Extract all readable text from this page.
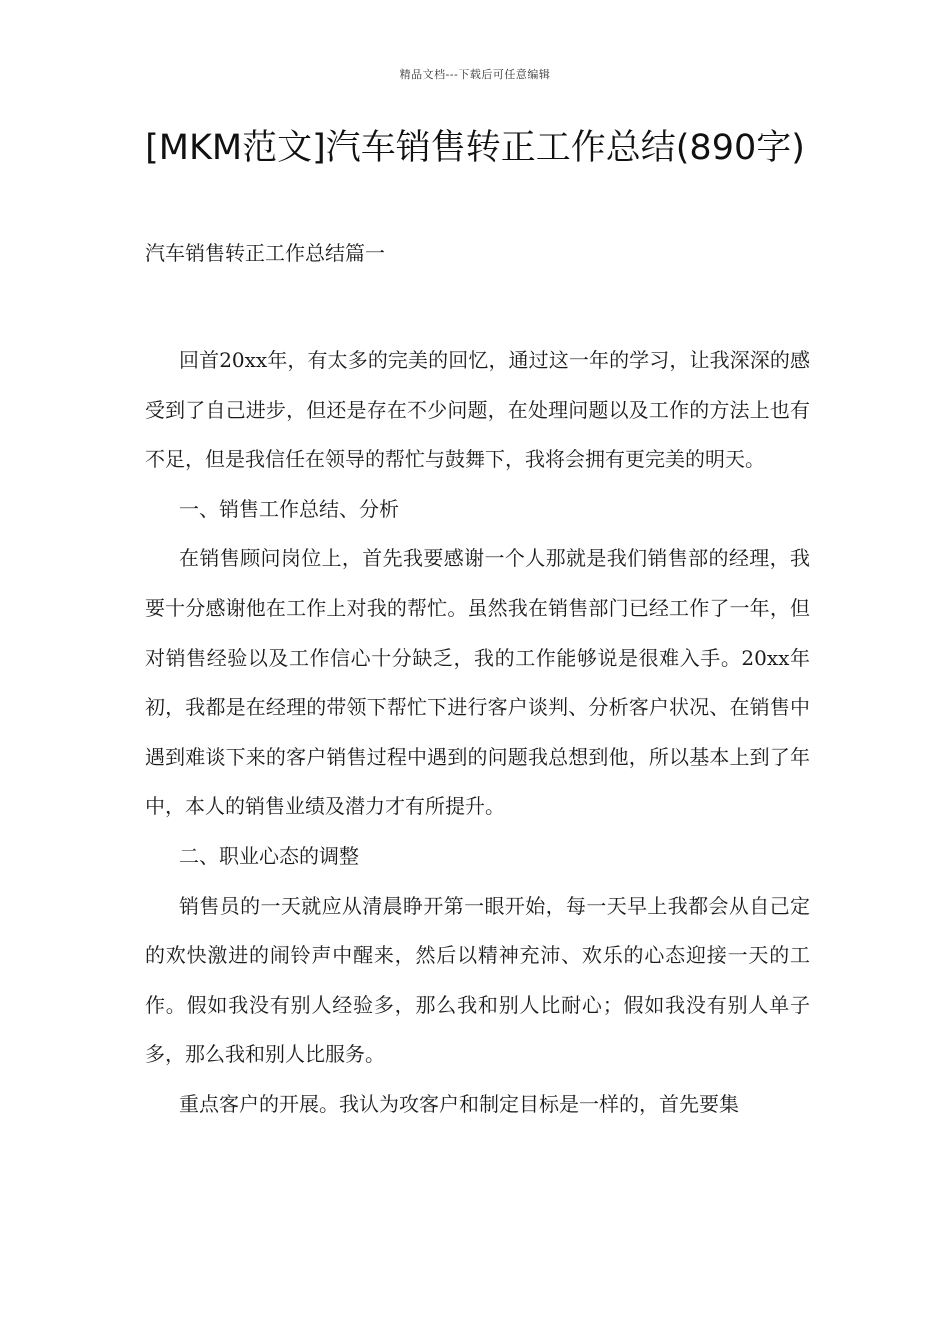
精品文档---下载后可任意编辑
[MKM范文]汽车销售转正工作总结(890字)

汽车销售转正工作总结篇一

回首20xx年，有太多的完美的回忆，通过这一年的学习，让我深深的感受到了自己进步，但还是存在不少问题，在处理问题以及工作的方法上也有不足，但是我信任在领导的帮忙与鼓舞下，我将会拥有更完美的明天。

一、销售工作总结、分析

在销售顾问岗位上，首先我要感谢一个人那就是我们销售部的经理，我要十分感谢他在工作上对我的帮忙。虽然我在销售部门已经工作了一年，但对销售经验以及工作信心十分缺乏，我的工作能够说是很难入手。20xx年初，我都是在经理的带领下帮忙下进行客户谈判、分析客户状况、在销售中遇到难谈下来的客户销售过程中遇到的问题我总想到他，所以基本上到了年中，本人的销售业绩及潜力才有所提升。

二、职业心态的调整

销售员的一天就应从清晨睁开第一眼开始，每一天早上我都会从自己定的欢快激进的闹铃声中醒来，然后以精神充沛、欢乐的心态迎接一天的工作。假如我没有别人经验多，那么我和别人比耐心；假如我没有别人单子多，那么我和别人比服务。

重点客户的开展。我认为攻客户和制定目标是一样的，首先要集
